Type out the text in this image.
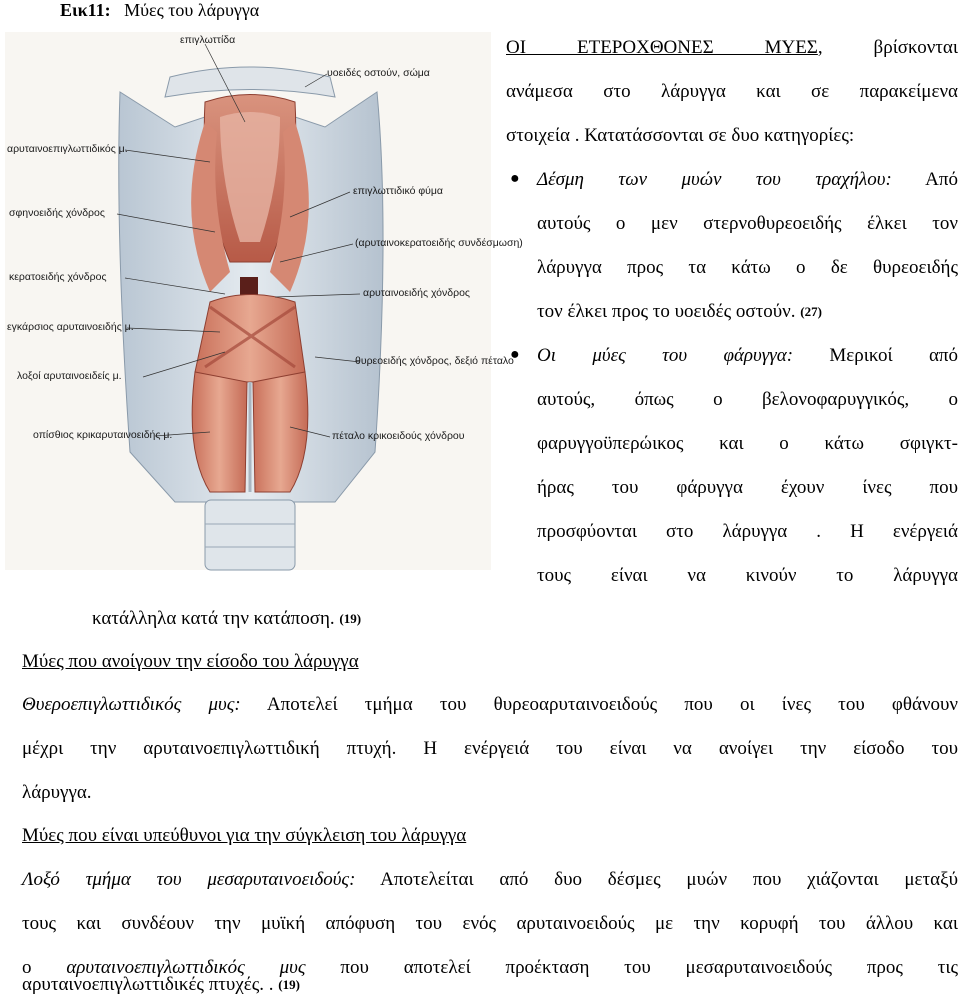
Εικ11: Μύες του λάρυγγα
επιγλωττίδα
υοειδές οστούν, σώμα
αρυταινοεπιγλωττιδικός μ.
επιγλωττιδικό φύμα
σφηνοειδής χόνδρος
(αρυταινοκερατοειδής συνδέσμωση)
κερατοειδής χόνδρος
αρυταινοειδής χόνδρος
εγκάρσιος αρυταινοειδής μ.
θυρεοειδής χόνδρος, δεξιό πέταλο
λοξοί αρυταινοειδείς μ.
πέταλο κρικοειδούς χόνδρου
οπίσθιος κρικαρυταινοειδής μ.
ΟΙ ΕΤΕΡΟΧΘΟΝΕΣ ΜΥΕΣ, βρίσκονται
ανάμεσα στο λάρυγγα και σε παρακείμενα
στοιχεία . Κατατάσσονται σε δυο κατηγορίες:
● Δέσμη των μυών του τραχήλου: Από
αυτούς ο μεν στερνοθυρεοειδής έλκει τον
λάρυγγα προς τα κάτω ο δε θυρεοειδής
τον έλκει προς το υοειδές οστούν. (27)
● Οι μύες του φάρυγγα: Μερικοί από
αυτούς, όπως ο βελονοφαρυγγικός, ο
φαρυγγοϋπερώικος και ο κάτω σφιγκτ-
ήρας του φάρυγγα έχουν ίνες που
προσφύονται στο λάρυγγα . Η ενέργειά
τους είναι να κινούν το λάρυγγα
κατάλληλα κατά την κατάποση. (19)
Μύες που ανοίγουν την είσοδο του λάρυγγα
Θυεροεπιγλωττιδικός μυς: Αποτελεί τμήμα του θυρεοαρυταινοειδούς που οι ίνες του φθάνουν
μέχρι την αρυταινοεπιγλωττιδική πτυχή. Η ενέργειά του είναι να ανοίγει την είσοδο του
λάρυγγα.
Μύες που είναι υπεύθυνοι για την σύγκλειση του λάρυγγα
Λοξό τμήμα του μεσαρυταινοειδούς: Αποτελείται από δυο δέσμες μυών που χιάζονται μεταξύ
τους και συνδέουν την μυϊκή απόφυση του ενός αρυταινοειδούς με την κορυφή του άλλου και
ο αρυταινοεπιγλωττιδικός μυς που αποτελεί προέκταση του μεσαρυταινοειδούς προς τις
αρυταινοεπιγλωττιδικές πτυχές. . (19)
